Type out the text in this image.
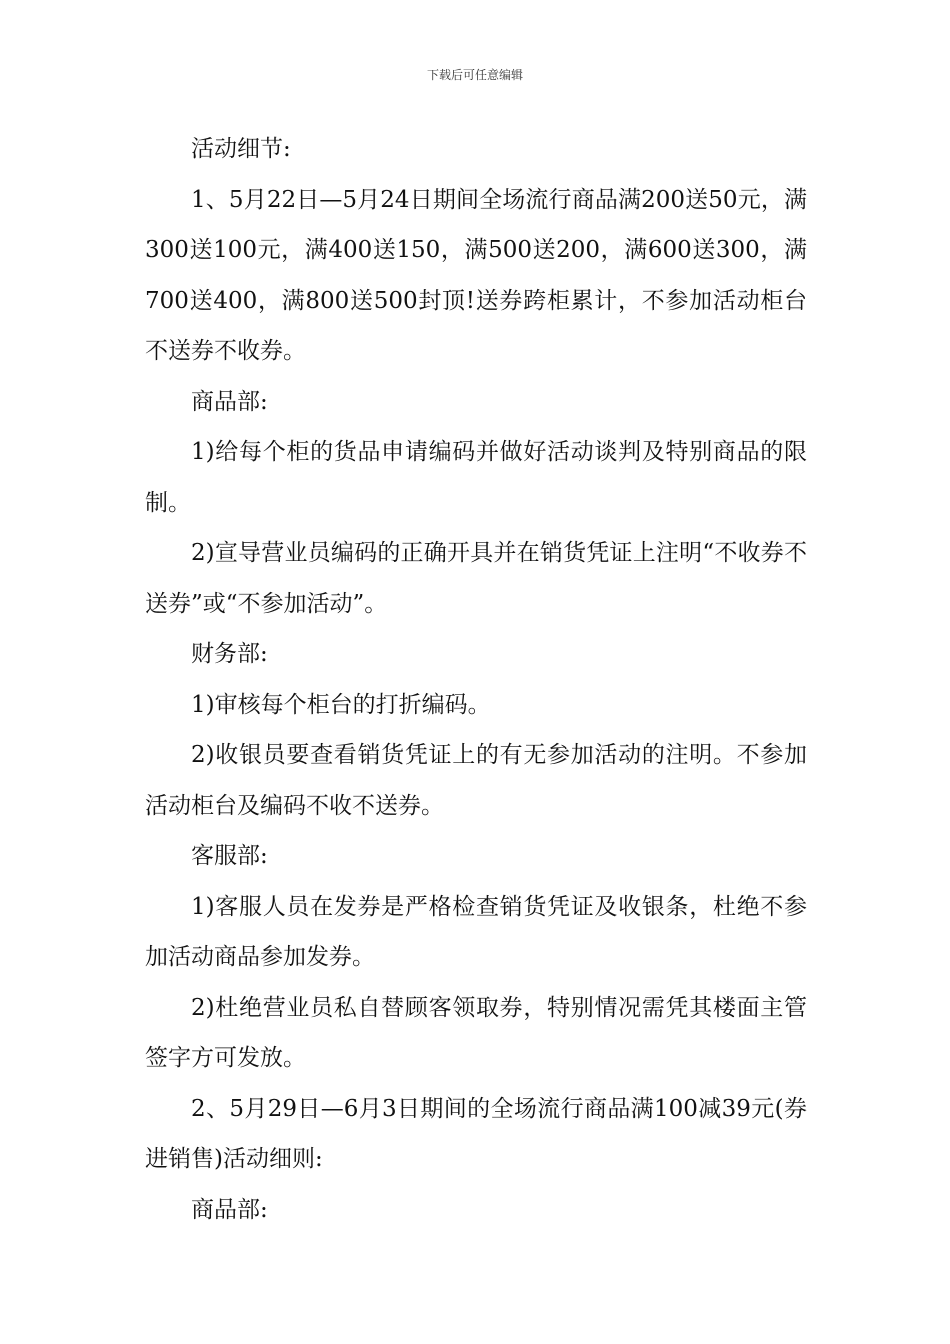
下载后可任意编辑

活动细节:

1、5月22日—5月24日期间全场流行商品满200送50元，满300送100元，满400送150，满500送200，满600送300，满700送400，满800送500封顶!送券跨柜累计，不参加活动柜台不送券不收券。

商品部:

1)给每个柜的货品申请编码并做好活动谈判及特别商品的限制。

2)宣导营业员编码的正确开具并在销货凭证上注明“不收券不送券”或“不参加活动”。

财务部:

1)审核每个柜台的打折编码。

2)收银员要查看销货凭证上的有无参加活动的注明。不参加活动柜台及编码不收不送券。

客服部:

1)客服人员在发券是严格检查销货凭证及收银条，杜绝不参加活动商品参加发券。

2)杜绝营业员私自替顾客领取券，特别情况需凭其楼面主管签字方可发放。

2、5月29日—6月3日期间的全场流行商品满100减39元(券进销售)活动细则:

商品部:
